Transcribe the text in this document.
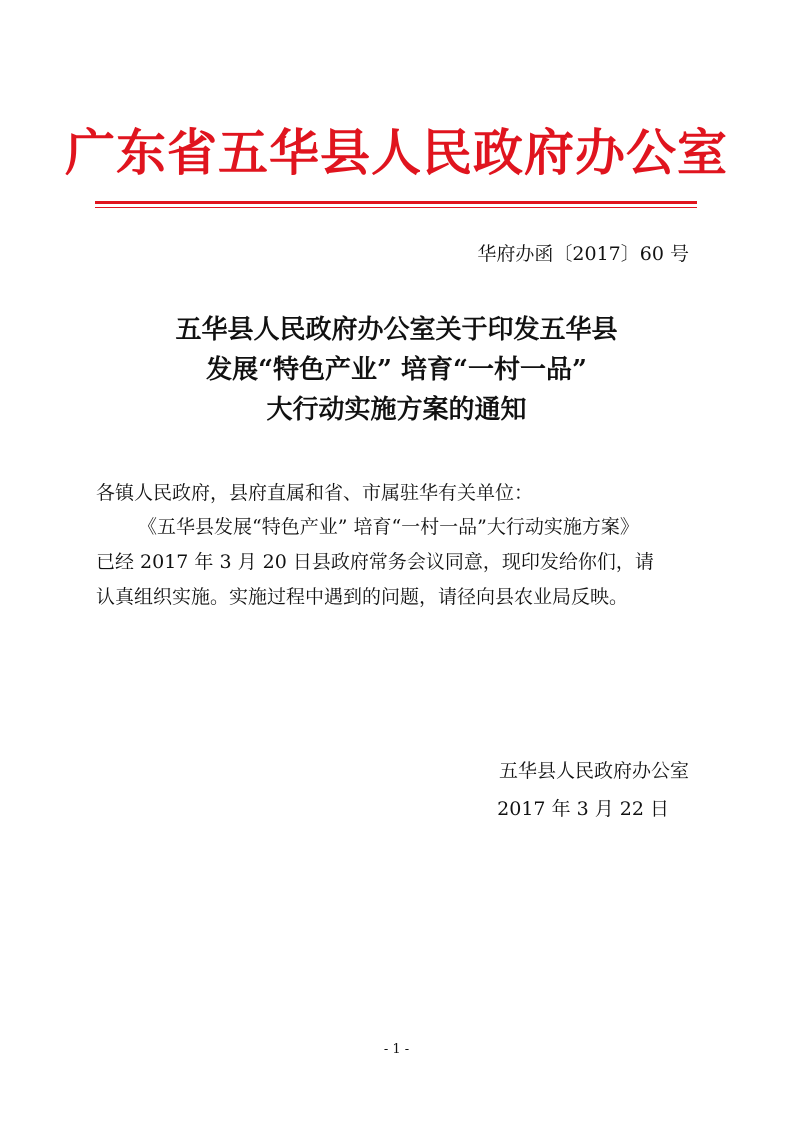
广东省五华县人民政府办公室
华府办函〔2017〕60 号
五华县人民政府办公室关于印发五华县
发展“特色产业” 培育“一村一品”
大行动实施方案的通知
各镇人民政府，县府直属和省、市属驻华有关单位：
《五华县发展“特色产业” 培育“一村一品”大行动实施方案》
已经 2017 年 3 月 20 日县政府常务会议同意，现印发给你们，请
认真组织实施。实施过程中遇到的问题，请径向县农业局反映。
五华县人民政府办公室
2017 年 3 月 22 日
- 1 -
